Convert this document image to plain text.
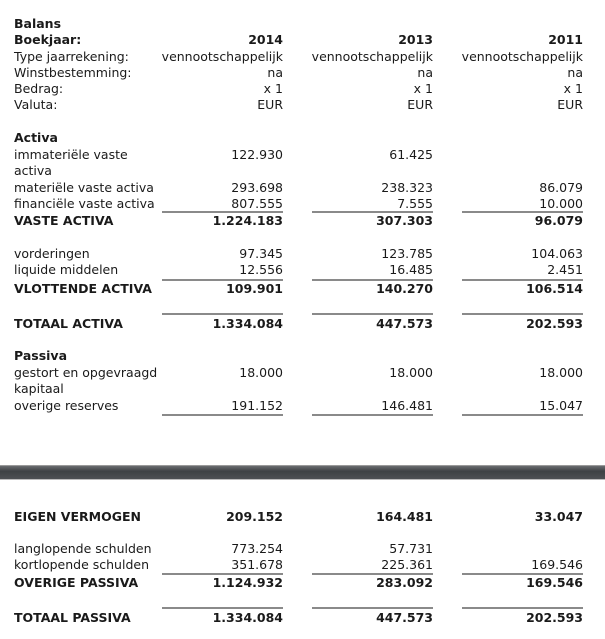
Balans
Boekjaar:	2014	2013	2011
Type jaarrekening:	vennootschappelijk	vennootschappelijk	vennootschappelijk
Winstbestemming:	na	na	na
Bedrag:	x 1	x 1	x 1
Valuta:	EUR	EUR	EUR
Activa
immateriële vaste	122.930	61.425
activa
materiële vaste activa	293.698	238.323	86.079
financiële vaste activa	807.555	7.555	10.000
VASTE ACTIVA	1.224.183	307.303	96.079
vorderingen	97.345	123.785	104.063
liquide middelen	12.556	16.485	2.451
VLOTTENDE ACTIVA	109.901	140.270	106.514
TOTAAL ACTIVA	1.334.084	447.573	202.593
Passiva
gestort en opgevraagd	18.000	18.000	18.000
kapitaal
overige reserves	191.152	146.481	15.047
EIGEN VERMOGEN	209.152	164.481	33.047
langlopende schulden	773.254	57.731
kortlopende schulden	351.678	225.361	169.546
OVERIGE PASSIVA	1.124.932	283.092	169.546
TOTAAL PASSIVA	1.334.084	447.573	202.593
